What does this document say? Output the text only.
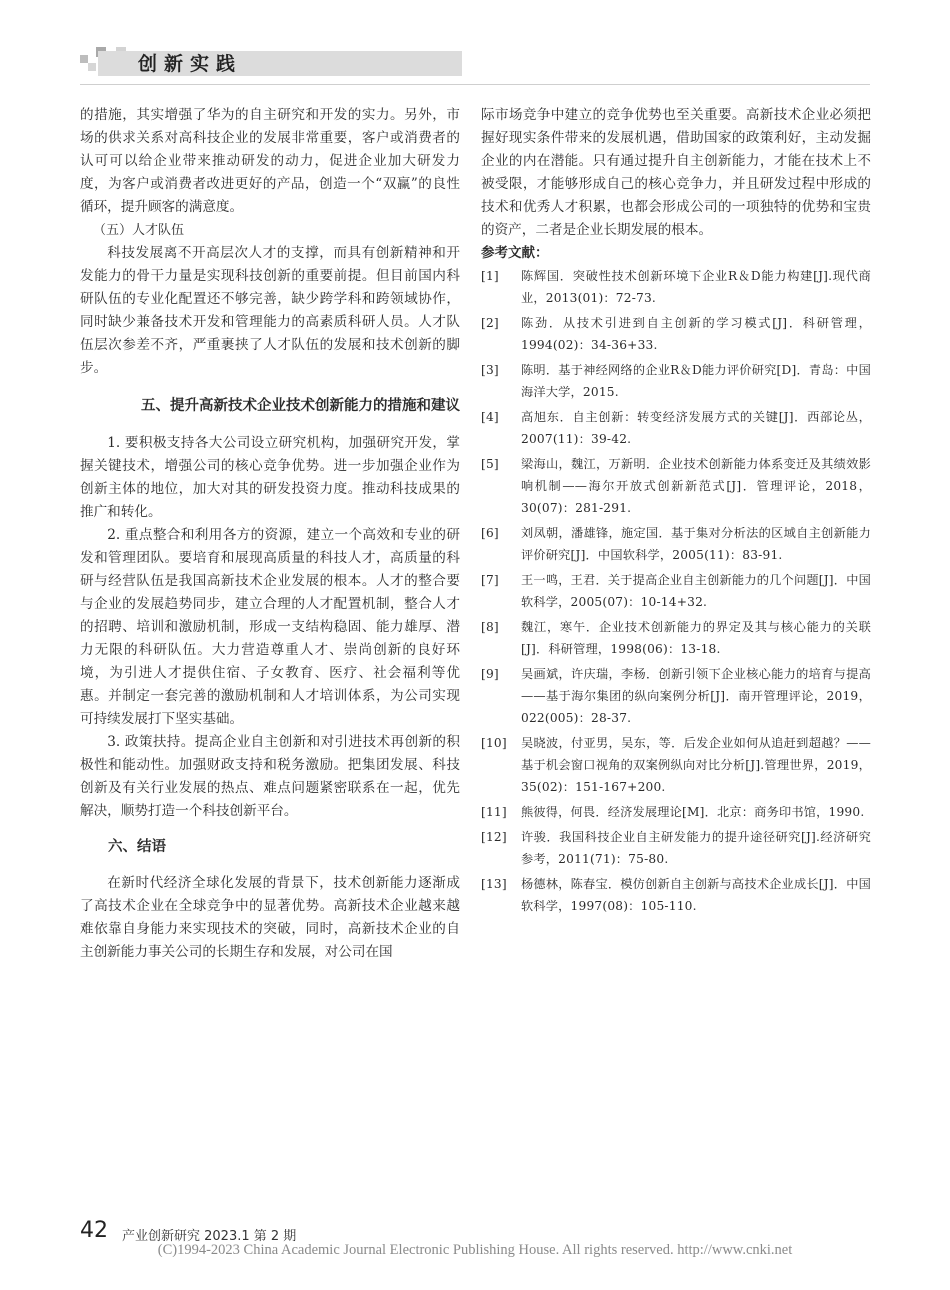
创新实践

的措施，其实增强了华为的自主研究和开发的实力。另外，市场的供求关系对高科技企业的发展非常重要，客户或消费者的认可可以给企业带来推动研发的动力，促进企业加大研发力度，为客户或消费者改进更好的产品，创造一个“双赢”的良性循环，提升顾客的满意度。

（五）人才队伍

科技发展离不开高层次人才的支撑，而具有创新精神和开发能力的骨干力量是实现科技创新的重要前提。但目前国内科研队伍的专业化配置还不够完善，缺少跨学科和跨领域协作，同时缺少兼备技术开发和管理能力的高素质科研人员。人才队伍层次参差不齐，严重裹挟了人才队伍的发展和技术创新的脚步。

五、提升高新技术企业技术创新能力的措施和建议

1. 要积极支持各大公司设立研究机构，加强研究开发，掌握关键技术，增强公司的核心竞争优势。进一步加强企业作为创新主体的地位，加大对其的研发投资力度。推动科技成果的推广和转化。

2. 重点整合和利用各方的资源，建立一个高效和专业的研发和管理团队。要培育和展现高质量的科技人才，高质量的科研与经营队伍是我国高新技术企业发展的根本。人才的整合要与企业的发展趋势同步，建立合理的人才配置机制，整合人才的招聘、培训和激励机制，形成一支结构稳固、能力雄厚、潜力无限的科研队伍。大力营造尊重人才、崇尚创新的良好环境，为引进人才提供住宿、子女教育、医疗、社会福利等优惠。并制定一套完善的激励机制和人才培训体系，为公司实现可持续发展打下坚实基础。

3. 政策扶持。提高企业自主创新和对引进技术再创新的积极性和能动性。加强财政支持和税务激励。把集团发展、科技创新及有关行业发展的热点、难点问题紧密联系在一起，优先解决，顺势打造一个科技创新平台。

六、结语

在新时代经济全球化发展的背景下，技术创新能力逐渐成了高技术企业在全球竞争中的显著优势。高新技术企业越来越难依靠自身能力来实现技术的突破，同时，高新技术企业的自主创新能力事关公司的长期生存和发展，对公司在国

际市场竞争中建立的竞争优势也至关重要。高新技术企业必须把握好现实条件带来的发展机遇，借助国家的政策利好，主动发掘企业的内在潜能。只有通过提升自主创新能力，才能在技术上不被受限，才能够形成自己的核心竞争力，并且研发过程中形成的技术和优秀人才积累，也都会形成公司的一项独特的优势和宝贵的资产，二者是企业长期发展的根本。

参考文献：

[1] 陈辉国．突破性技术创新环境下企业R＆D能力构建[J].现代商业，2013(01)：72-73.
[2] 陈劲．从技术引进到自主创新的学习模式[J]．科研管理，1994(02)：34-36+33.
[3] 陈明．基于神经网络的企业R＆D能力评价研究[D]．青岛：中国海洋大学，2015.
[4] 高旭东．自主创新：转变经济发展方式的关键[J]．西部论丛，2007(11)：39-42.
[5] 梁海山，魏江，万新明．企业技术创新能力体系变迁及其绩效影响机制——海尔开放式创新新范式[J]．管理评论，2018，30(07)：281-291.
[6] 刘凤朝，潘雄锋，施定国．基于集对分析法的区域自主创新能力评价研究[J]．中国软科学，2005(11)：83-91.
[7] 王一鸣，王君．关于提高企业自主创新能力的几个问题[J]．中国软科学，2005(07)：10-14+32.
[8] 魏江，寒午．企业技术创新能力的界定及其与核心能力的关联[J]．科研管理，1998(06)：13-18.
[9] 吴画斌，许庆瑞，李杨．创新引领下企业核心能力的培育与提高——基于海尔集团的纵向案例分析[J]．南开管理评论，2019，022(005)：28-37.
[10] 吴晓波，付亚男，吴东，等．后发企业如何从追赶到超越？——基于机会窗口视角的双案例纵向对比分析[J].管理世界，2019，35(02)：151-167+200.
[11] 熊彼得，何畏．经济发展理论[M]．北京：商务印书馆，1990.
[12] 许骏．我国科技企业自主研发能力的提升途径研究[J].经济研究参考，2011(71)：75-80.
[13] 杨德林，陈春宝．模仿创新自主创新与高技术企业成长[J]．中国软科学，1997(08)：105-110.
42 产业创新研究 2023.1 第 2 期
(C)1994-2023 China Academic Journal Electronic Publishing House. All rights reserved. http://www.cnki.net
